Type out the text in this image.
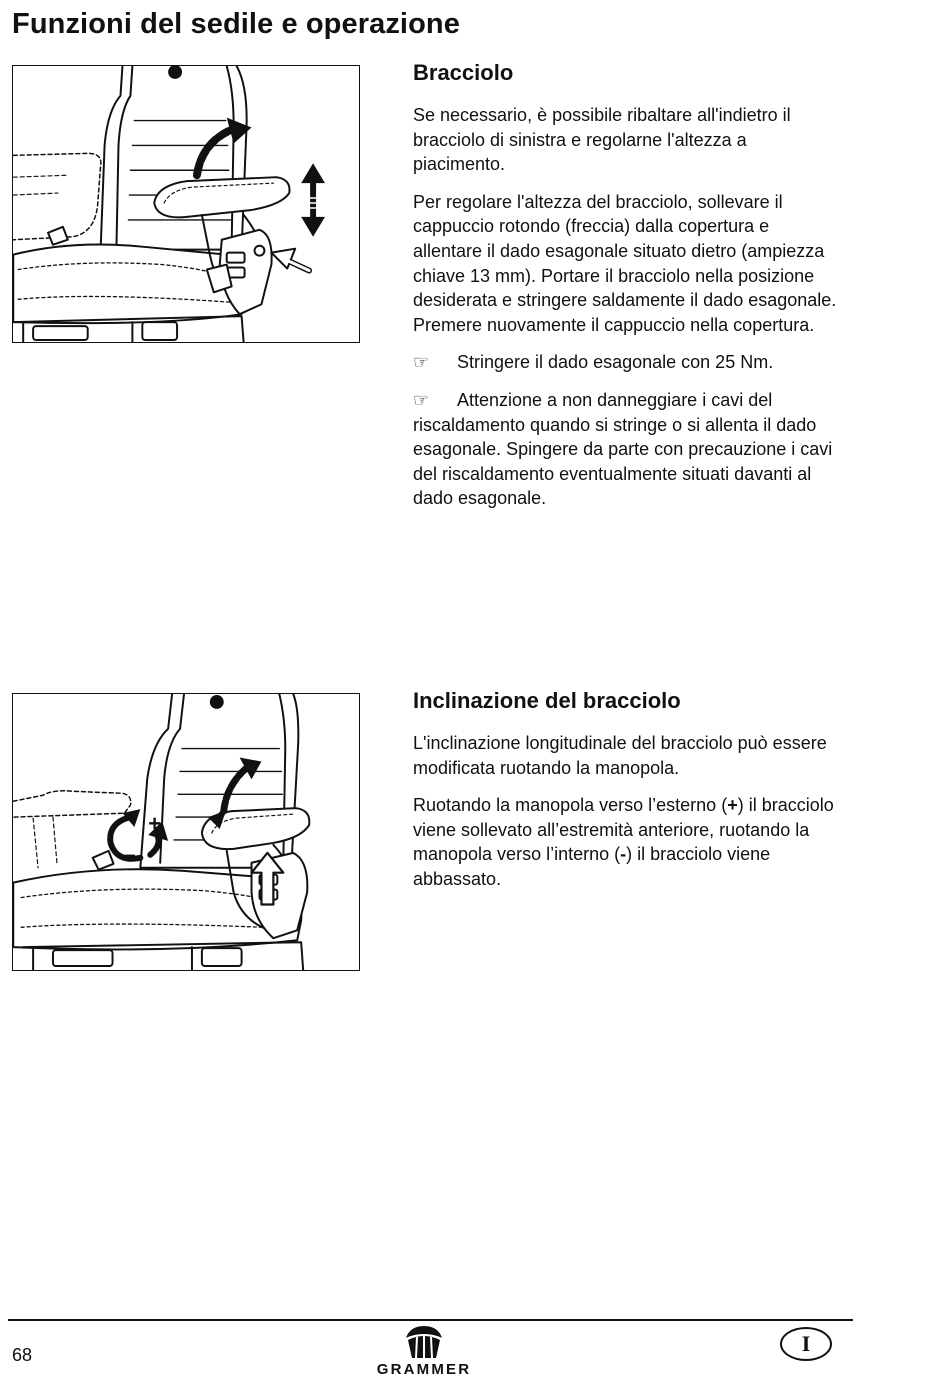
Funzioni del sedile e operazione
Bracciolo

Se necessario, è possibile ribaltare all'indietro il bracciolo di sinistra e regolarne l'altezza a piacimento.

Per regolare l'altezza del bracciolo, sollevare il cappuccio rotondo (freccia) dalla copertura e allentare il dado esagonale situato dietro (ampiezza chiave 13 mm). Portare il bracciolo nella posizione desiderata e stringere saldamente il dado esagonale. Premere nuovamente il cappuccio nella copertura.

☞ Stringere il dado esagonale con 25 Nm.

☞ Attenzione a non danneggiare i cavi del riscaldamento quando si stringe o si allenta il dado esagonale. Spingere da parte con precauzione i cavi del riscaldamento eventualmente situati davanti al dado esagonale.

+
–
Inclinazione del bracciolo

L'inclinazione longitudinale del bracciolo può essere modificata ruotando la manopola.

Ruotando la manopola verso l’esterno (+) il bracciolo viene sollevato all’estremità anteriore, ruotando la manopola verso l’interno (-) il bracciolo viene abbassato.

68
GRAMMER
I
